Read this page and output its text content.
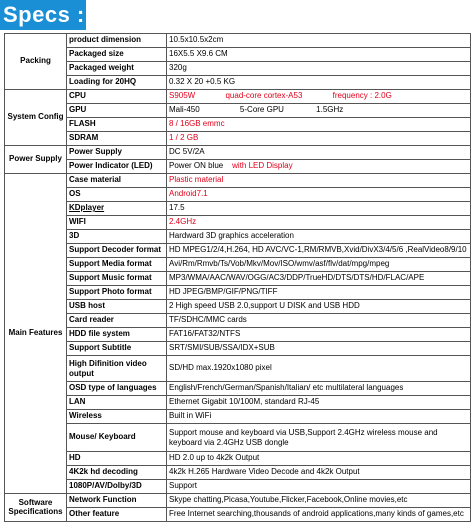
Specs :
Packing	product dimension	10.5x10.5x2cm
	Packaged size	16X5.5 X9.6 CM
	Packaged weight	320g
	Loading for 20HQ	0.32 X 20 +0.5 KG
System Config	CPU	S905W quad-core cortex-A53 frequency : 2.0G
	GPU	Mali-450 5-Core GPU 1.5GHz
	FLASH	8 / 16GB emmc
	SDRAM	1 / 2 GB
Power Supply	Power Supply	DC 5V/2A
	Power Indicator (LED)	Power ON blue with LED Display
Main Features	Case material	Plastic material
	OS	Android7.1
	KDplayer	17.5
	WIFI	2.4GHz
	3D	Hardward 3D graphics acceleration
	Support Decoder format	HD MPEG1/2/4,H.264, HD AVC/VC-1,RM/RMVB,Xvid/DivX3/4/5/6 ,RealVideo8/9/10
	Support Media format	Avi/Rm/Rmvb/Ts/Vob/Mkv/Mov/ISO/wmv/asf/flv/dat/mpg/mpeg
	Support Music format	MP3/WMA/AAC/WAV/OGG/AC3/DDP/TrueHD/DTS/DTS/HD/FLAC/APE
	Support Photo format	HD JPEG/BMP/GIF/PNG/TIFF
	USB host	2 High speed USB 2.0,support U DISK and USB HDD
	Card reader	TF/SDHC/MMC cards
	HDD file system	FAT16/FAT32/NTFS
	Support Subtitle	SRT/SMI/SUB/SSA/IDX+SUB
	High Difinition video output	SD/HD max.1920x1080 pixel
	OSD type of languages	English/French/German/Spanish/Italian/ etc multilateral languages
	LAN	Ethernet Gigabit 10/100M, standard RJ-45
	Wireless	Built in WiFi
	Mouse/ Keyboard	Support mouse and keyboard via USB,Support 2.4GHz wireless mouse and keyboard via 2.4GHz USB dongle
	HD	HD 2.0 up to 4k2k Output
	4K2k hd decoding	4k2k H.265 Hardware Video Decode and 4k2k Output
	1080P/AV/Dolby/3D	Support
Software Specifications	Network Function	Skype chatting,Picasa,Youtube,Flicker,Facebook,Online movies,etc
	Other feature	Free Internet searching,thousands of android applications,many kinds of games,etc
